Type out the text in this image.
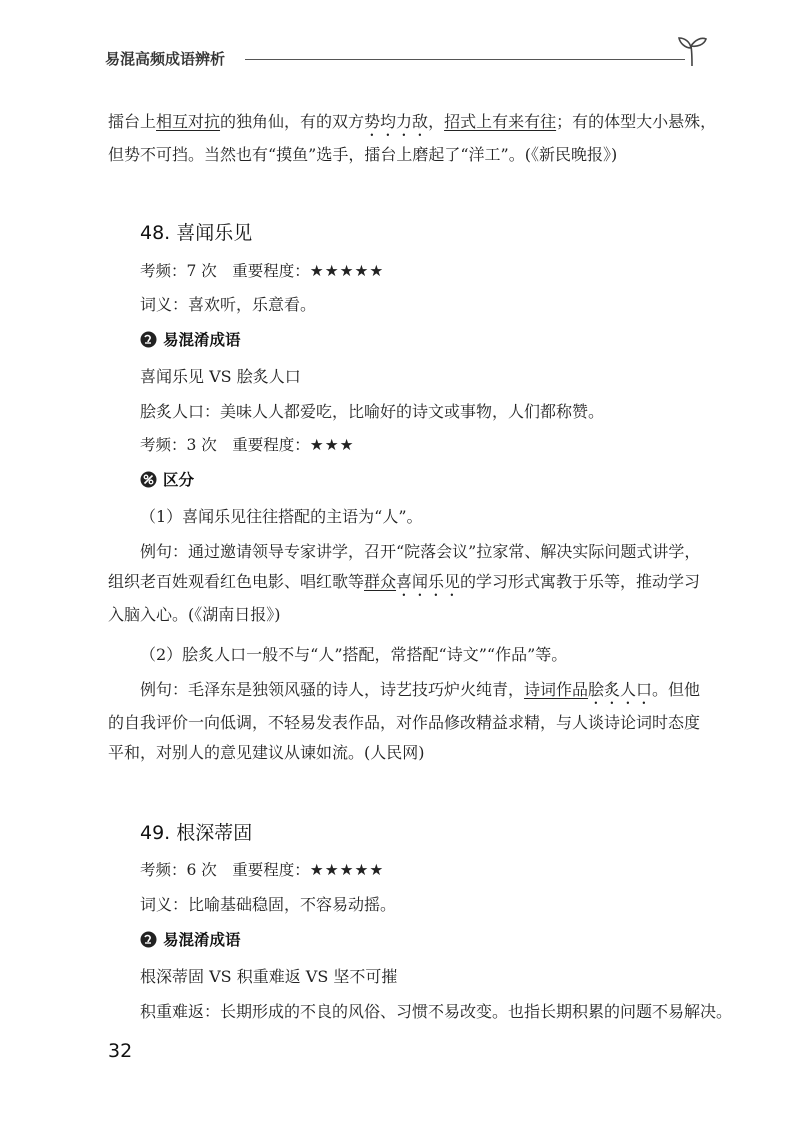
易混高频成语辨析
擂台上相互对抗的独角仙，有的双方势均力敌，招式上有来有往；有的体型大小悬殊，
但势不可挡。当然也有“摸鱼”选手，擂台上磨起了“洋工”。(《新民晚报》)
48. 喜闻乐见
考频：7 次　重要程度：★★★★★
词义：喜欢听，乐意看。
易混淆成语
喜闻乐见 VS 脍炙人口
脍炙人口：美味人人都爱吃，比喻好的诗文或事物，人们都称赞。
考频：3 次　重要程度：★★★
区分
（1）喜闻乐见往往搭配的主语为“人”。
例句：通过邀请领导专家讲学，召开“院落会议”拉家常、解决实际问题式讲学，
组织老百姓观看红色电影、唱红歌等群众喜闻乐见的学习形式寓教于乐等，推动学习
入脑入心。(《湖南日报》)
（2）脍炙人口一般不与“人”搭配，常搭配“诗文”“作品”等。
例句：毛泽东是独领风骚的诗人，诗艺技巧炉火纯青，诗词作品脍炙人口。但他
的自我评价一向低调，不轻易发表作品，对作品修改精益求精，与人谈诗论词时态度
平和，对别人的意见建议从谏如流。(人民网)
49. 根深蒂固
考频：6 次　重要程度：★★★★★
词义：比喻基础稳固，不容易动摇。
易混淆成语
根深蒂固 VS 积重难返 VS 坚不可摧
积重难返：长期形成的不良的风俗、习惯不易改变。也指长期积累的问题不易解决。
32
